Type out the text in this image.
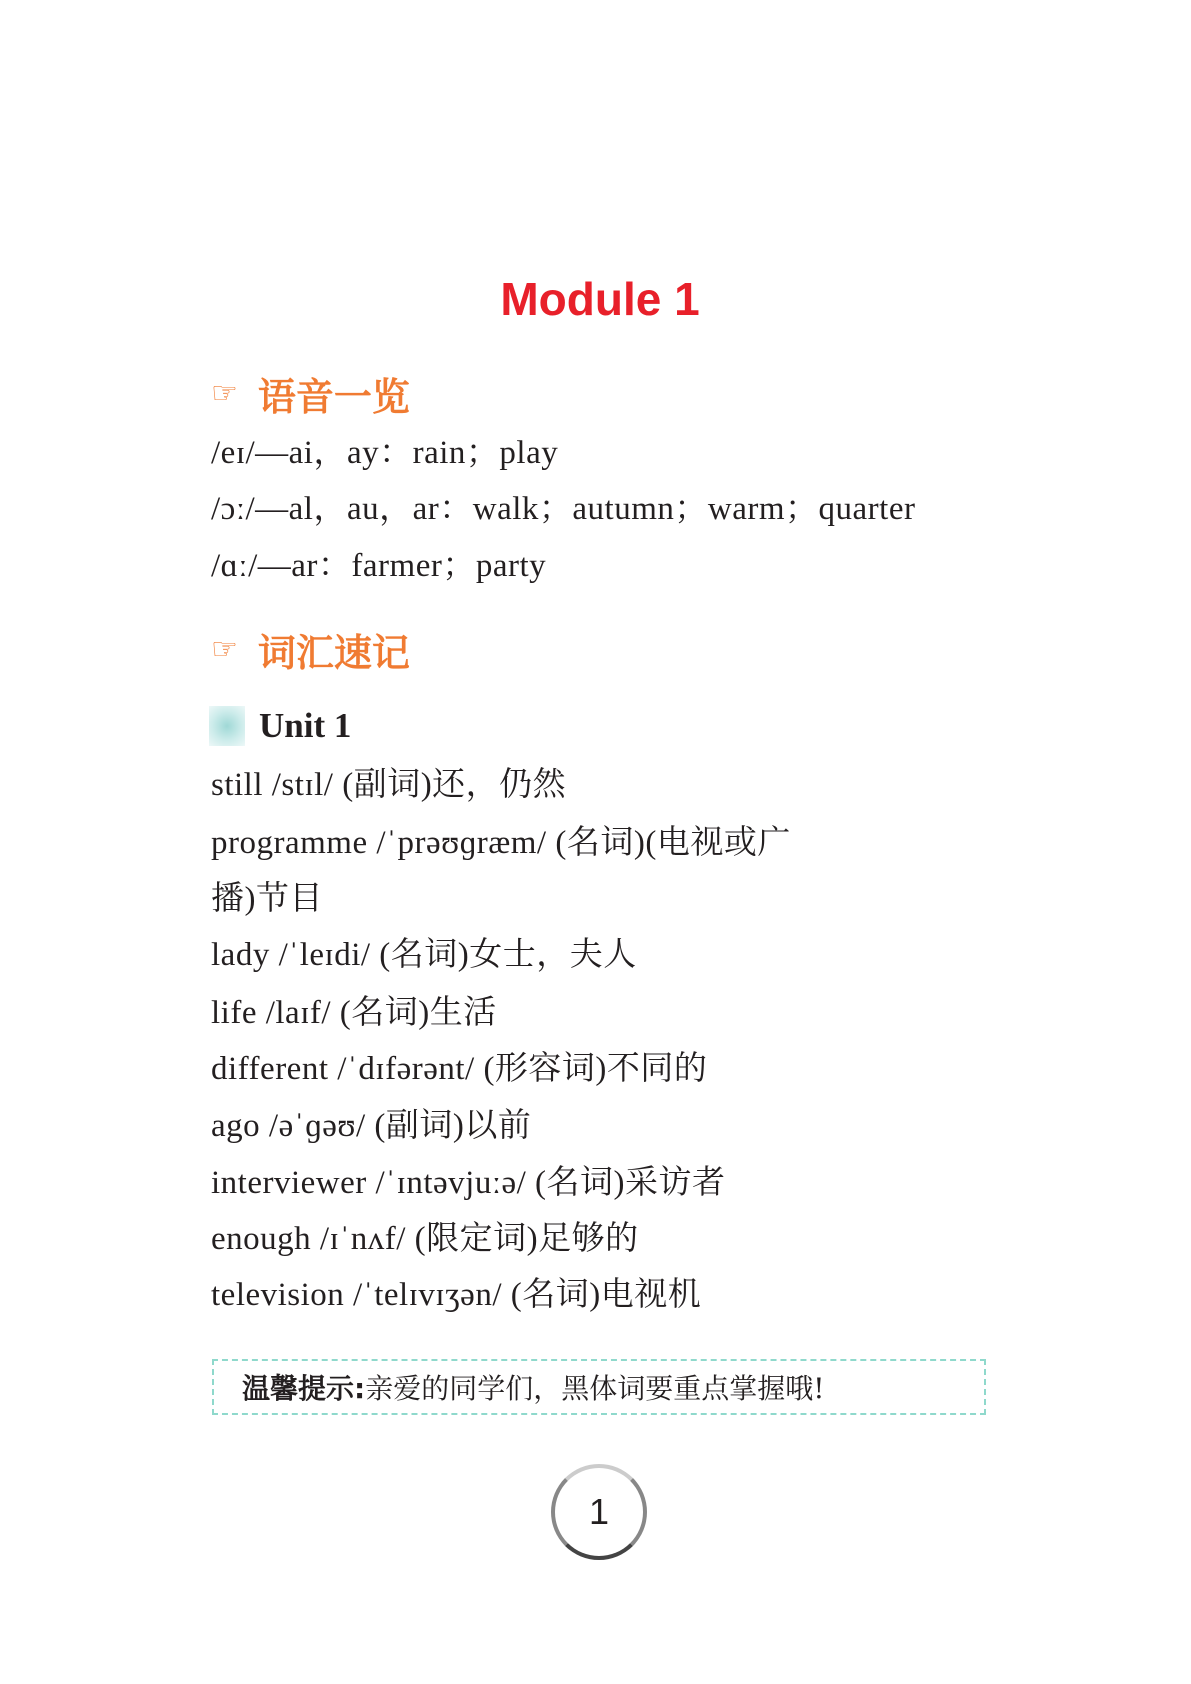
Module 1
☞ 语音一览
/eɪ/—ai，ay：rain；play
/ɔː/—al，au，ar：walk；autumn；warm；quarter
/ɑː/—ar：farmer；party
☞ 词汇速记
Unit 1
still /stɪl/ (副词)还，仍然
programme /ˈprəʊɡræm/ (名词)(电视或广
播)节目
lady /ˈleɪdi/ (名词)女士，夫人
life /laɪf/ (名词)生活
different /ˈdɪfərənt/ (形容词)不同的
ago /əˈɡəʊ/ (副词)以前
interviewer /ˈɪntəvjuːə/ (名词)采访者
enough /ɪˈnʌf/ (限定词)足够的
television /ˈtelɪvɪʒən/ (名词)电视机
温馨提示: 亲爱的同学们，黑体词要重点掌握哦!
1
